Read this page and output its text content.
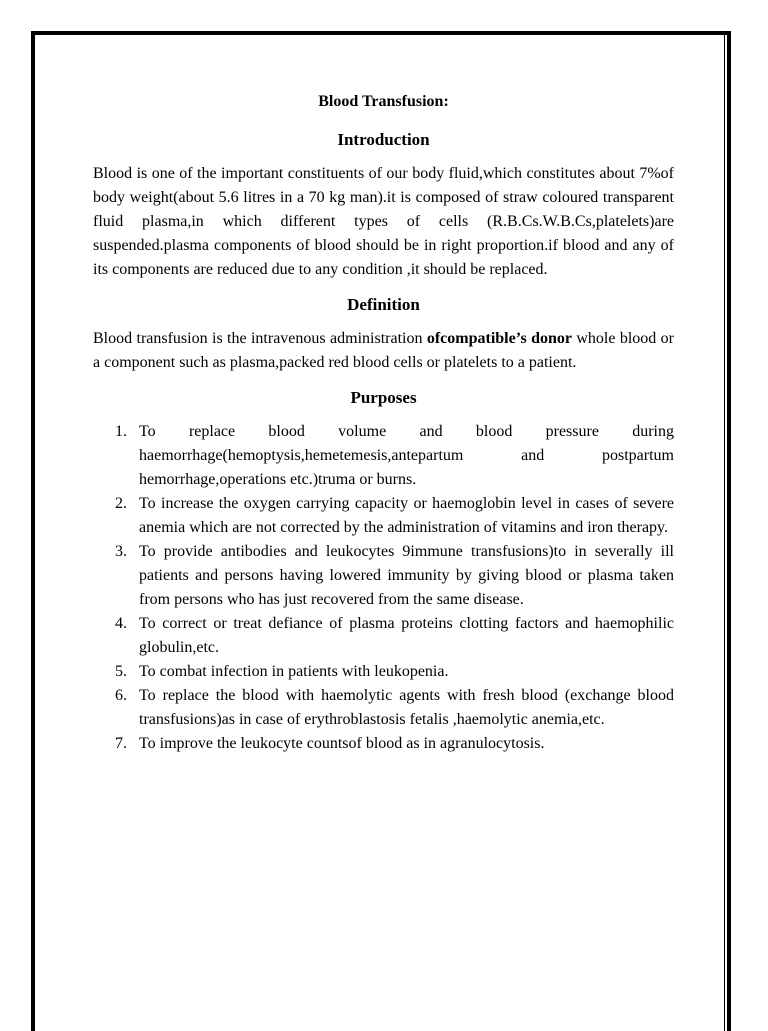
Blood Transfusion:
Introduction

Blood is one of the important constituents of our body fluid,which constitutes about 7%of body weight(about 5.6 litres in a 70 kg man).it is composed of straw coloured transparent fluid plasma,in which different types of cells (R.B.Cs.W.B.Cs,platelets)are suspended.plasma components of blood should be in right proportion.if blood and any of its components are reduced due to any condition ,it should be replaced.

Definition

Blood transfusion is the intravenous administration ofcompatible’s donor whole blood or a component such as plasma,packed red blood cells or platelets to a patient.

Purposes
1. To replace blood volume and blood pressure during haemorrhage(hemoptysis,hemetemesis,antepartum and postpartum hemorrhage,operations etc.)truma or burns.
2. To increase the oxygen carrying capacity or haemoglobin level in cases of severe anemia which are not corrected by the administration of vitamins and iron therapy.
3. To provide antibodies and leukocytes 9immune transfusions)to in severally ill patients and persons having lowered immunity by giving blood or plasma taken from persons who has just recovered from the same disease.
4. To correct or treat defiance of plasma proteins clotting factors and haemophilic globulin,etc.
5. To combat infection in patients with leukopenia.
6. To replace the blood with haemolytic agents with fresh blood (exchange blood transfusions)as in case of erythroblastosis fetalis ,haemolytic anemia,etc.
7. To improve the leukocyte countsof blood as in agranulocytosis.
